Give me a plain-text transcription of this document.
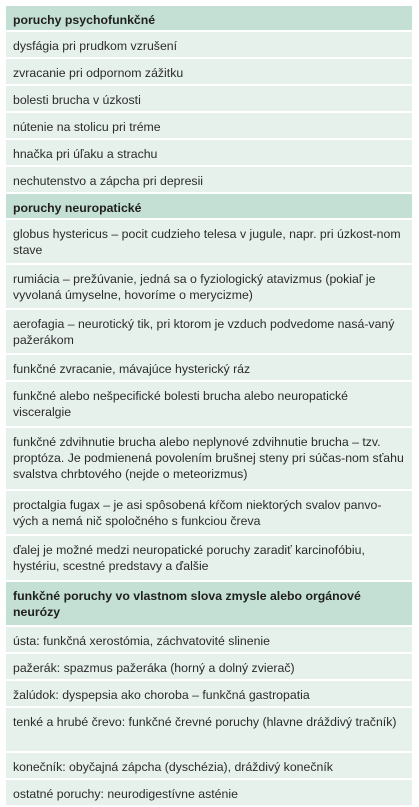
poruchy psychofunkčné
dysfágia pri prudkom vzrušení
zvracanie pri odpornom zážitku
bolesti brucha v úzkosti
nútenie na stolicu pri tréme
hnačka pri úľaku a strachu
nechutenstvo a zápcha pri depresii
poruchy neuropatické
globus hystericus – pocit cudzieho telesa v jugule, napr. pri úzkost-nom stave
rumiácia – prežúvanie, jedná sa o fyziologický atavizmus (pokiaľ je vyvolaná úmyselne, hovoríme o merycizme)
aerofagia – neurotický tik, pri ktorom je vzduch podvedome nasá-vaný pažerákom
funkčné zvracanie, mávajúce hysterický ráz
funkčné alebo nešpecifické bolesti brucha alebo neuropatické visceralgie
funkčné zdvihnutie brucha alebo neplynové zdvihnutie brucha – tzv. proptóza. Je podmienená povolením brušnej steny pri súčas-nom sťahu svalstva chrbtového (nejde o meteorizmus)
proctalgia fugax – je asi spôsobená kŕčom niektorých svalov panvo-vých a nemá nič spoločného s funkciou čreva
ďalej je možné medzi neuropatické poruchy zaradiť karcinofóbiu, hystériu, scestné predstavy a ďalšie
funkčné poruchy vo vlastnom slova zmysle alebo orgánové neurózy
ústa: funkčná xerostómia, záchvatovité slinenie
pažerák: spazmus pažeráka (horný a dolný zvierač)
žalúdok: dyspepsia ako choroba – funkčná gastropatia
tenké a hrubé črevo: funkčné črevné poruchy (hlavne dráždivý tračník)
konečník: obyčajná zápcha (dyschézia), dráždivý konečník
ostatné poruchy: neurodigestívne asténie
